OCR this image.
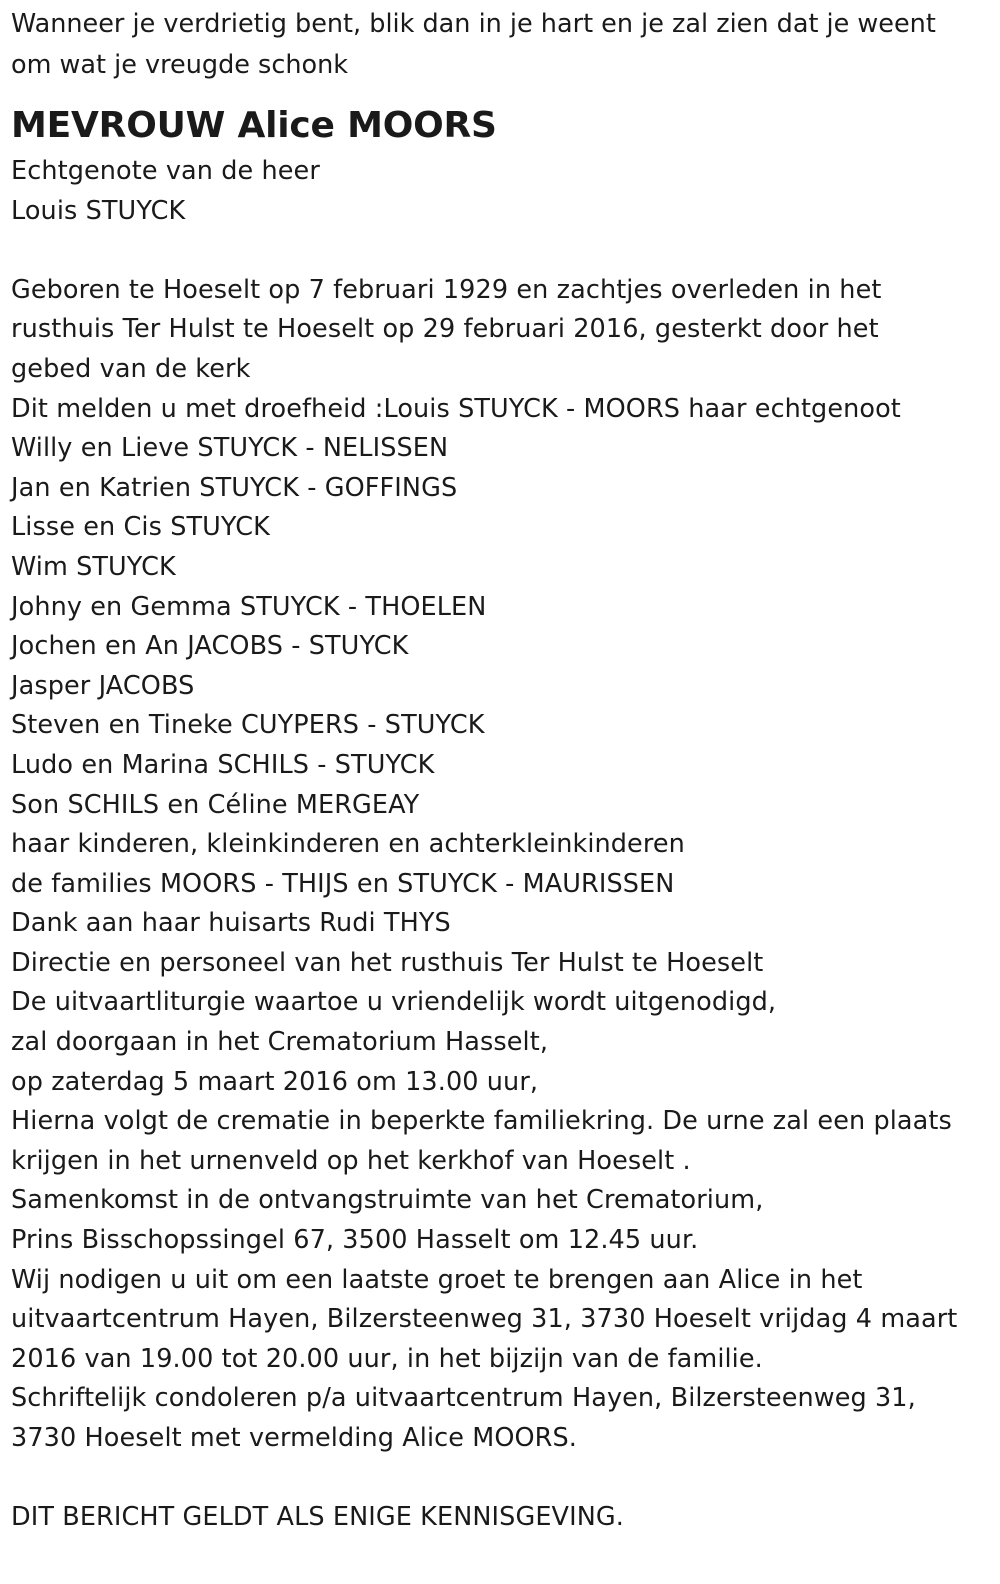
Wanneer je verdrietig bent, blik dan in je hart en je zal zien dat je weent
om wat je vreugde schonk
MEVROUW Alice MOORS
Echtgenote van de heer
Louis STUYCK
Geboren te Hoeselt op 7 februari 1929 en zachtjes overleden in het
rusthuis Ter Hulst te Hoeselt op 29 februari 2016, gesterkt door het
gebed van de kerk
Dit melden u met droefheid :Louis STUYCK - MOORS haar echtgenoot
Willy en Lieve STUYCK - NELISSEN
Jan en Katrien STUYCK - GOFFINGS
Lisse en Cis STUYCK
Wim STUYCK
Johny en Gemma STUYCK - THOELEN
Jochen en An JACOBS - STUYCK
Jasper JACOBS
Steven en Tineke CUYPERS - STUYCK
Ludo en Marina SCHILS - STUYCK
Son SCHILS en Céline MERGEAY
haar kinderen, kleinkinderen en achterkleinkinderen
de families MOORS - THIJS en STUYCK - MAURISSEN
Dank aan haar huisarts Rudi THYS
Directie en personeel van het rusthuis Ter Hulst te Hoeselt
De uitvaartliturgie waartoe u vriendelijk wordt uitgenodigd,
zal doorgaan in het Crematorium Hasselt,
op zaterdag 5 maart 2016 om 13.00 uur,
Hierna volgt de crematie in beperkte familiekring. De urne zal een plaats
krijgen in het urnenveld op het kerkhof van Hoeselt .
Samenkomst in de ontvangstruimte van het Crematorium,
Prins Bisschopssingel 67, 3500 Hasselt om 12.45 uur.
Wij nodigen u uit om een laatste groet te brengen aan Alice in het
uitvaartcentrum Hayen, Bilzersteenweg 31, 3730 Hoeselt vrijdag 4 maart
2016 van 19.00 tot 20.00 uur, in het bijzijn van de familie.
Schriftelijk condoleren p/a uitvaartcentrum Hayen, Bilzersteenweg 31,
3730 Hoeselt met vermelding Alice MOORS.
DIT BERICHT GELDT ALS ENIGE KENNISGEVING.
